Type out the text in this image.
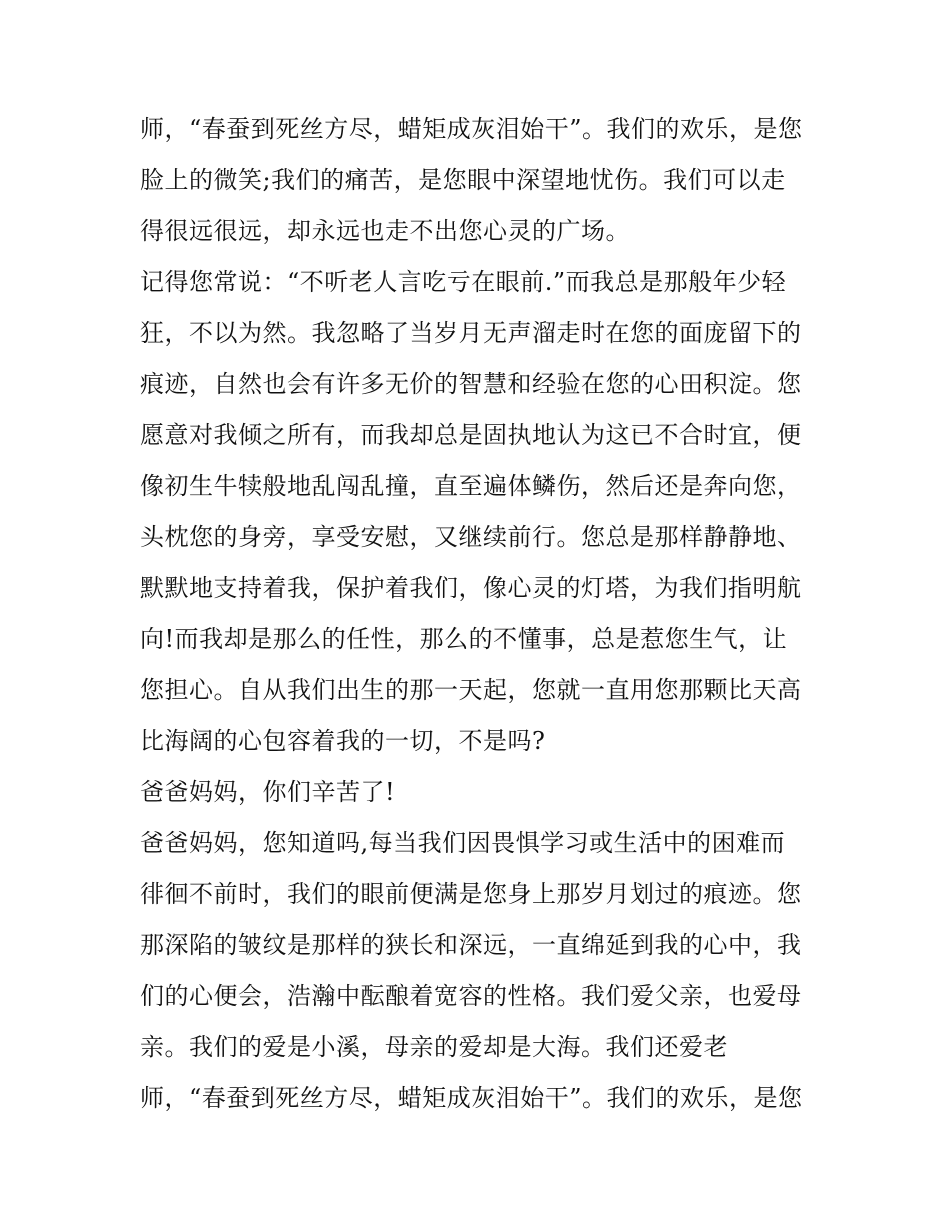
师，“春蚕到死丝方尽，蜡矩成灰泪始干”。我们的欢乐，是您
脸上的微笑;我们的痛苦，是您眼中深望地忧伤。我们可以走
得很远很远，却永远也走不出您心灵的广场。
记得您常说：“不听老人言吃亏在眼前.”而我总是那般年少轻
狂，不以为然。我忽略了当岁月无声溜走时在您的面庞留下的
痕迹，自然也会有许多无价的智慧和经验在您的心田积淀。您
愿意对我倾之所有，而我却总是固执地认为这已不合时宜，便
像初生牛犊般地乱闯乱撞，直至遍体鳞伤，然后还是奔向您，
头枕您的身旁，享受安慰，又继续前行。您总是那样静静地、
默默地支持着我，保护着我们，像心灵的灯塔，为我们指明航
向!而我却是那么的任性，那么的不懂事，总是惹您生气，让
您担心。自从我们出生的那一天起，您就一直用您那颗比天高
比海阔的心包容着我的一切，不是吗?
爸爸妈妈，你们辛苦了!
爸爸妈妈，您知道吗,每当我们因畏惧学习或生活中的困难而
徘徊不前时，我们的眼前便满是您身上那岁月划过的痕迹。您
那深陷的皱纹是那样的狭长和深远，一直绵延到我的心中，我
们的心便会，浩瀚中酝酿着宽容的性格。我们爱父亲，也爱母
亲。我们的爱是小溪，母亲的爱却是大海。我们还爱老
师，“春蚕到死丝方尽，蜡矩成灰泪始干”。我们的欢乐，是您
